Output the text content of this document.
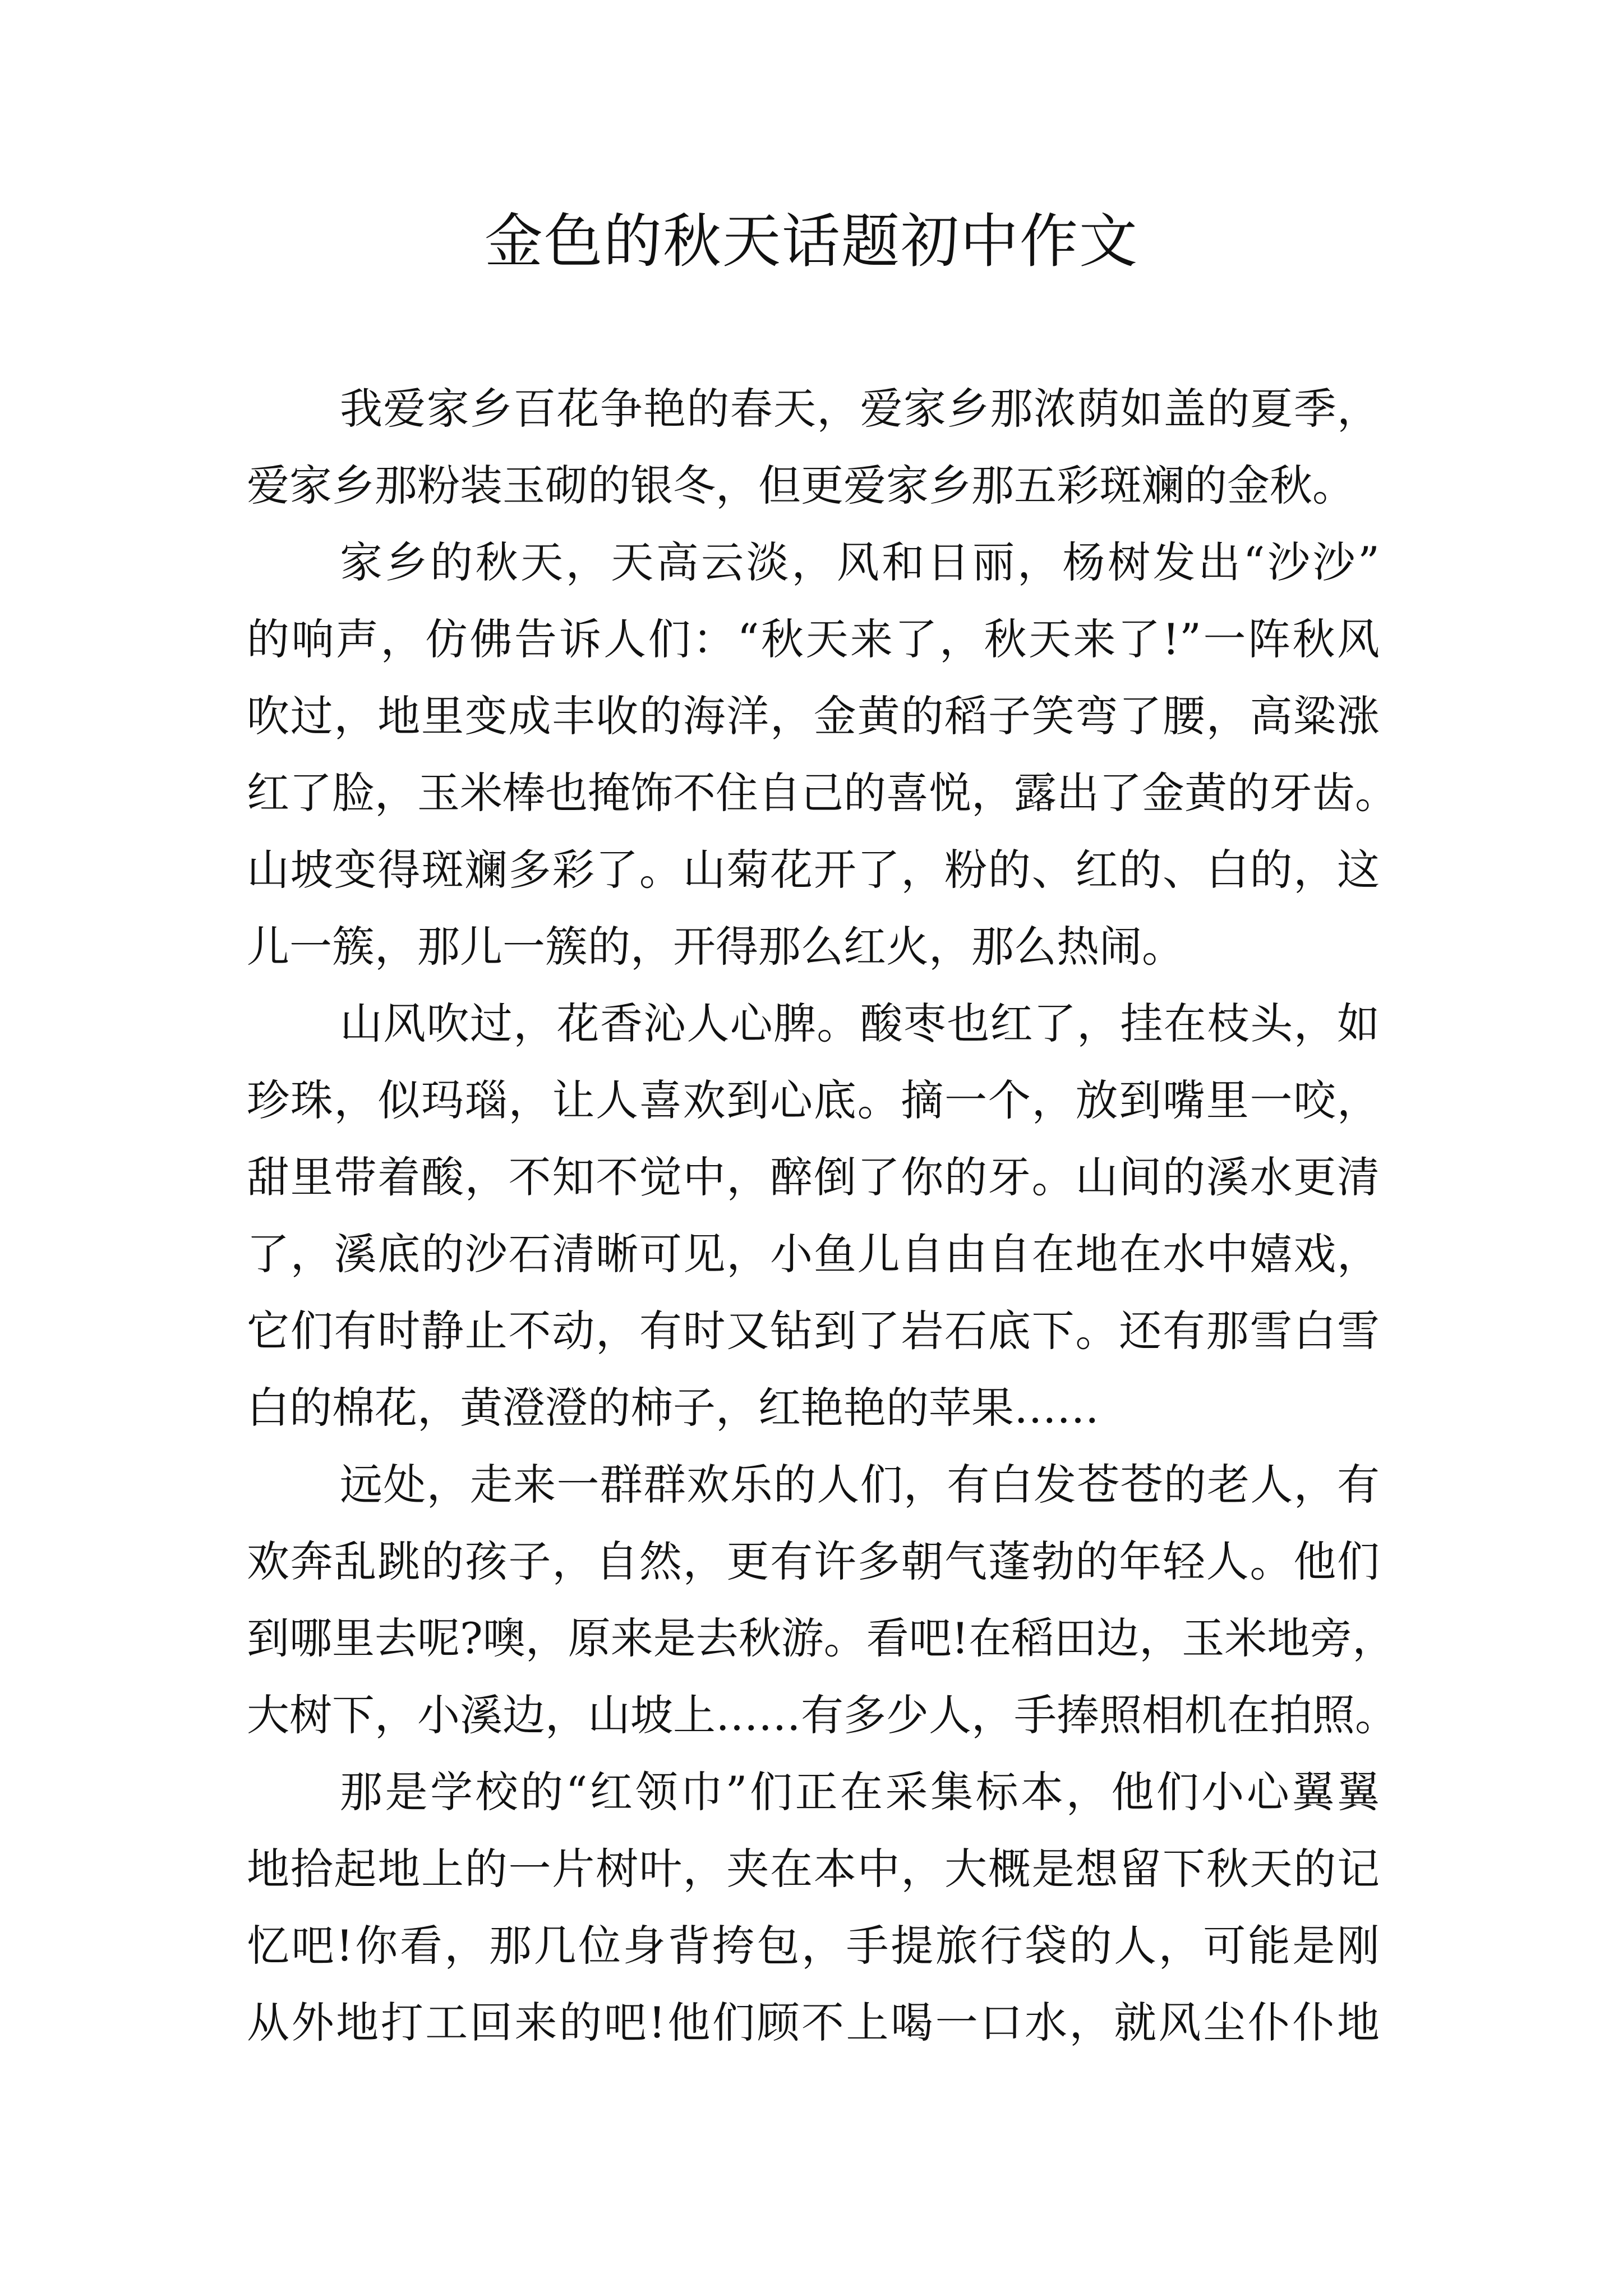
金色的秋天话题初中作文
我爱家乡百花争艳的春天，爱家乡那浓荫如盖的夏季，
爱家乡那粉装玉砌的银冬，但更爱家乡那五彩斑斓的金秋。
家乡的秋天，天高云淡，风和日丽，杨树发出“沙沙”
的响声，仿佛告诉人们：“秋天来了，秋天来了!”一阵秋风
吹过，地里变成丰收的海洋，金黄的稻子笑弯了腰，高粱涨
红了脸，玉米棒也掩饰不住自己的喜悦，露出了金黄的牙齿。
山坡变得斑斓多彩了。山菊花开了，粉的、红的、白的，这
儿一簇，那儿一簇的，开得那么红火，那么热闹。
山风吹过，花香沁人心脾。酸枣也红了，挂在枝头，如
珍珠，似玛瑙，让人喜欢到心底。摘一个，放到嘴里一咬，
甜里带着酸，不知不觉中，醉倒了你的牙。山间的溪水更清
了，溪底的沙石清晰可见，小鱼儿自由自在地在水中嬉戏，
它们有时静止不动，有时又钻到了岩石底下。还有那雪白雪
白的棉花，黄澄澄的柿子，红艳艳的苹果……
远处，走来一群群欢乐的人们，有白发苍苍的老人，有
欢奔乱跳的孩子，自然，更有许多朝气蓬勃的年轻人。他们
到哪里去呢?噢，原来是去秋游。看吧!在稻田边，玉米地旁，
大树下，小溪边，山坡上……有多少人，手捧照相机在拍照。
那是学校的“红领巾”们正在采集标本，他们小心翼翼
地拾起地上的一片树叶，夹在本中，大概是想留下秋天的记
忆吧!你看，那几位身背挎包，手提旅行袋的人，可能是刚
从外地打工回来的吧!他们顾不上喝一口水，就风尘仆仆地
